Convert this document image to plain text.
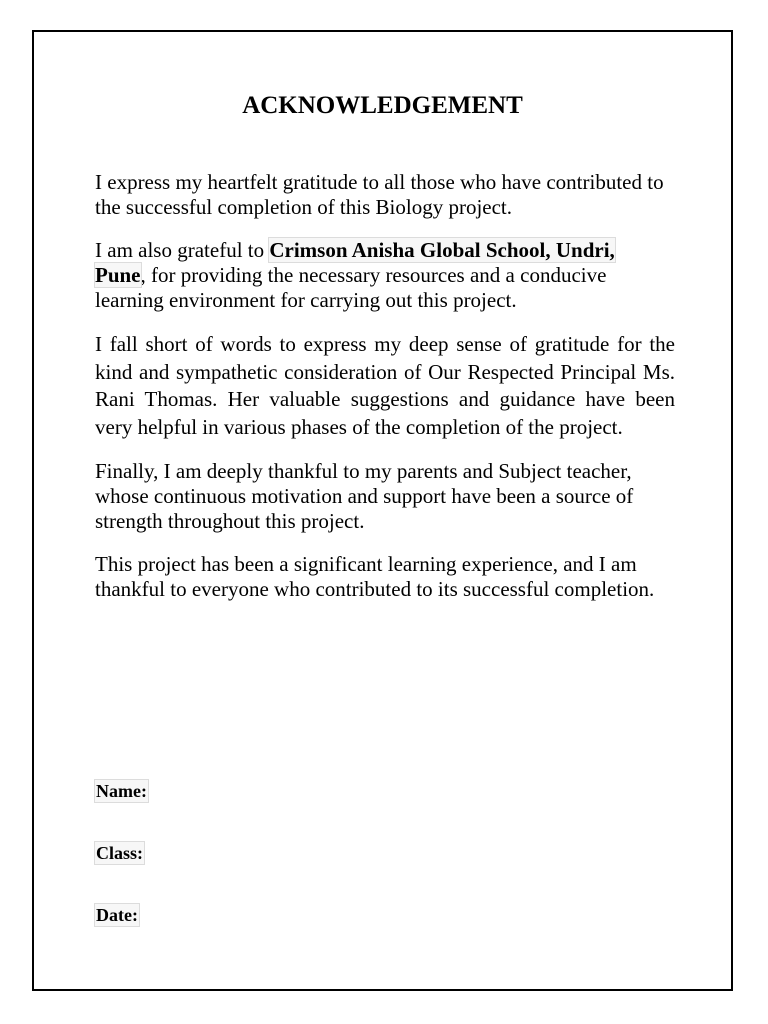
ACKNOWLEDGEMENT

I express my heartfelt gratitude to all those who have contributed to the successful completion of this Biology project.

I am also grateful to Crimson Anisha Global School, Undri,
Pune, for providing the necessary resources and a conducive learning environment for carrying out this project.

I fall short of words to express my deep sense of gratitude for the kind and sympathetic consideration of Our Respected Principal Ms. Rani Thomas. Her valuable suggestions and guidance have been very helpful in various phases of the completion of the project.

Finally, I am deeply thankful to my parents and Subject teacher, whose continuous motivation and support have been a source of strength throughout this project.

This project has been a significant learning experience, and I am thankful to everyone who contributed to its successful completion.

Name:
Class:
Date:
